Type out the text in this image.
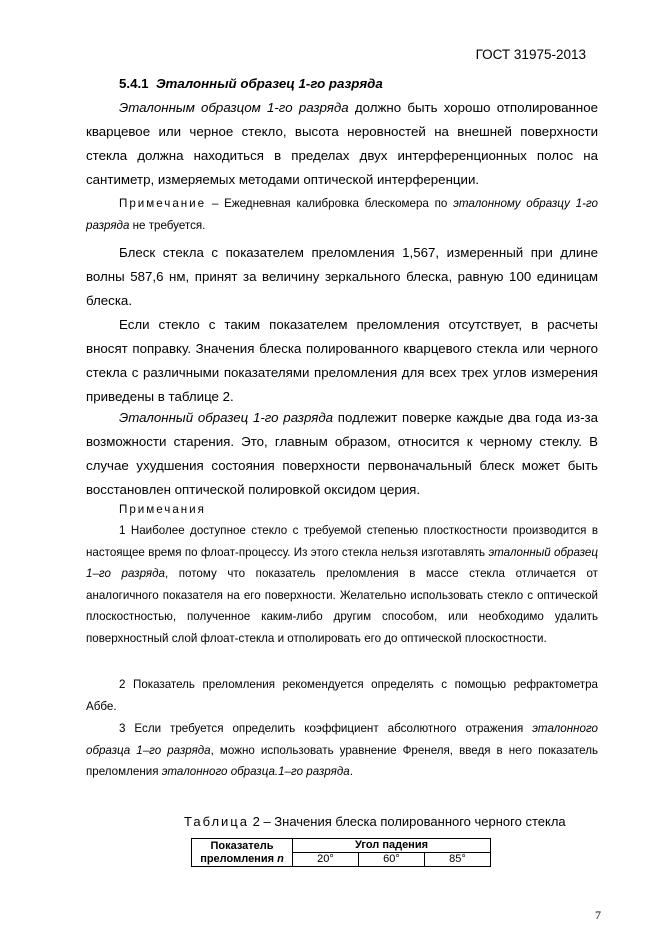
ГОСТ 31975-2013

5.4.1 Эталонный образец 1-го разряда

Эталонным образцом 1-го разряда должно быть хорошо отполированное кварцевое или черное стекло, высота неровностей на внешней поверхности стекла должна находиться в пределах двух интерференционных полос на сантиметр, измеряемых методами оптической интерференции.

Примечание – Ежедневная калибровка блескомера по эталонному образцу 1-го разряда не требуется.

Блеск стекла с показателем преломления 1,567, измеренный при длине волны 587,6 нм, принят за величину зеркального блеска, равную 100 единицам блеска.

Если стекло с таким показателем преломления отсутствует, в расчеты вносят поправку. Значения блеска полированного кварцевого стекла или черного стекла с различными показателями преломления для всех трех углов измерения приведены в таблице 2.

Эталонный образец 1-го разряда подлежит поверке каждые два года из-за возможности старения. Это, главным образом, относится к черному стеклу. В случае ухудшения состояния поверхности первоначальный блеск может быть восстановлен оптической полировкой оксидом церия.

Примечания

1 Наиболее доступное стекло с требуемой степенью плосткостности производится в настоящее время по флоат-процессу. Из этого стекла нельзя изготавлять эталонный образец 1–го разряда, потому что показатель преломления в массе стекла отличается от аналогичного показателя на его поверхности. Желательно использовать стекло с оптической плоскостностью, полученное каким-либо другим способом, или необходимо удалить поверхностный слой флоат-стекла и отполировать его до оптической плоскостности.

2 Показатель преломления рекомендуется определять с помощью рефрактометра Аббе.

3 Если требуется определить коэффициент абсолютного отражения эталонного образца 1–го разряда, можно использовать уравнение Френеля, введя в него показатель преломления эталонного образца.1–го разряда.

Таблица 2 – Значения блеска полированного черного стекла
Показатель
преломления n	Угол падения		
	20°	60°	85°
7
